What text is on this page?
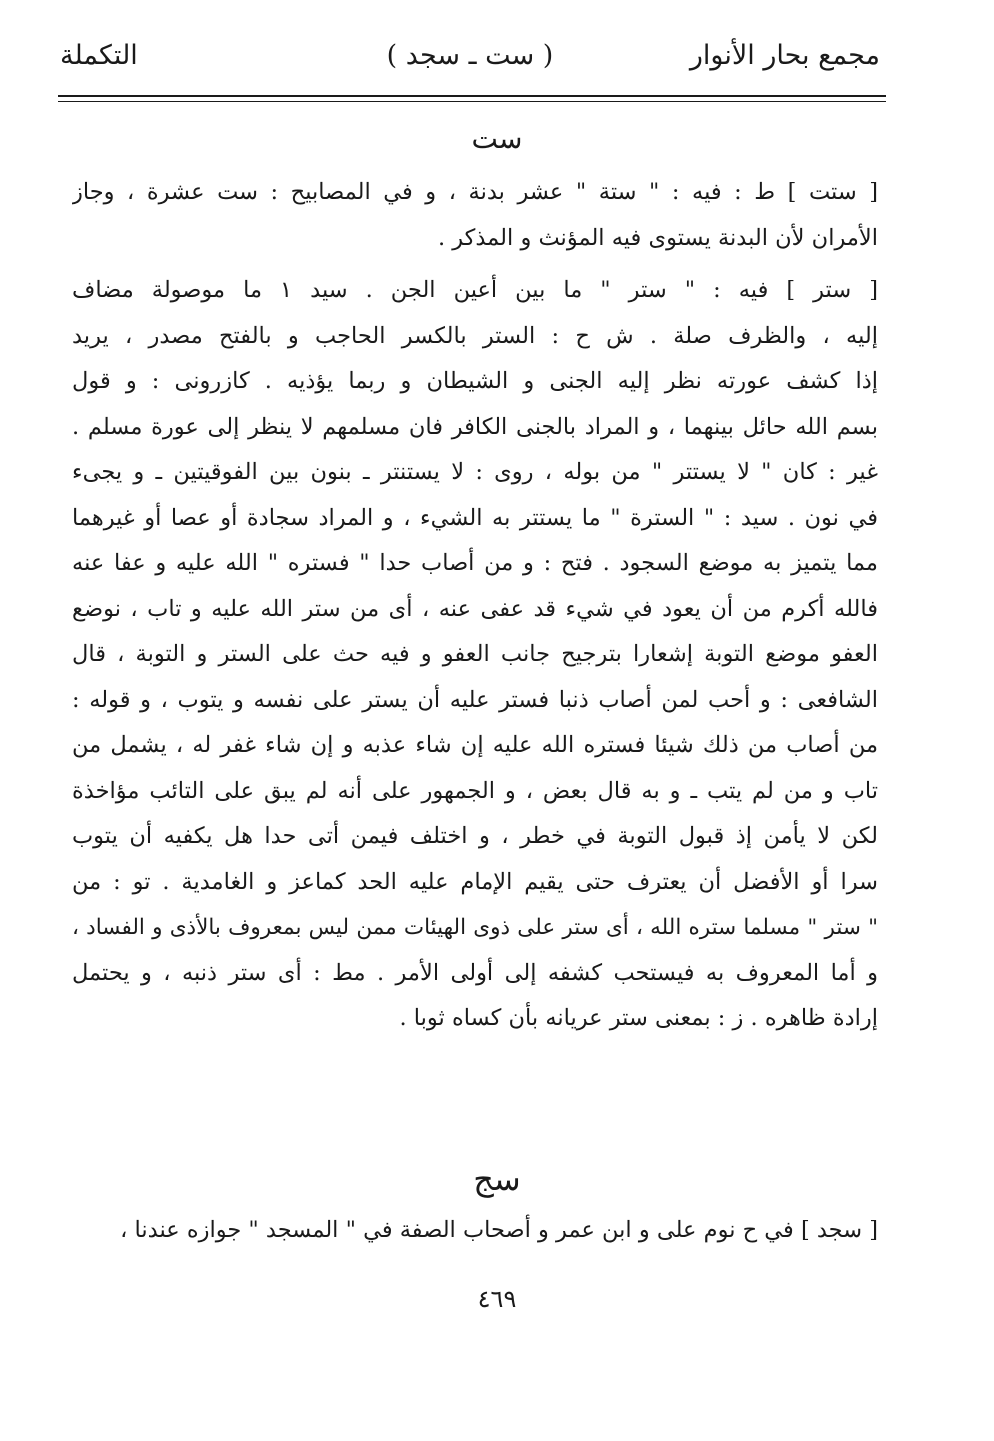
مجمع بحار الأنوار
( ست ـ سجد )
التكملة
ست
[ ستت ] ط : فيه : " ستة " عشر بدنة ، و في المصابيح : ست عشرة ، وجاز
الأمران لأن البدنة يستوى فيه المؤنث و المذكر .
[ ستر ] فيه : " ستر " ما بين أعين الجن . سيد ١ ما موصولة مضاف
إليه ، والظرف صلة . ش ح : الستر بالكسر الحاجب و بالفتح مصدر ، يريد
إذا كشف عورته نظر إليه الجنى و الشيطان و ربما يؤذيه . كازرونى : و قول
بسم الله حائل بينهما ، و المراد بالجنى الكافر فان مسلمهم لا ينظر إلى عورة مسلم .
غير : كان " لا يستتر " من بوله ، روى : لا يستنتر ـ بنون بين الفوقيتين ـ و يجىء
في نون . سيد : " السترة " ما يستتر به الشيء ، و المراد سجادة أو عصا أو غيرهما
مما يتميز به موضع السجود . فتح : و من أصاب حدا " فستره " الله عليه و عفا عنه
فالله أكرم من أن يعود في شيء قد عفى عنه ، أى من ستر الله عليه و تاب ، نوضع
العفو موضع التوبة إشعارا بترجيح جانب العفو و فيه حث على الستر و التوبة ، قال
الشافعى : و أحب لمن أصاب ذنبا فستر عليه أن يستر على نفسه و يتوب ، و قوله :
من أصاب من ذلك شيئا فستره الله عليه إن شاء عذبه و إن شاء غفر له ، يشمل من
تاب و من لم يتب ـ و به قال بعض ، و الجمهور على أنه لم يبق على التائب مؤاخذة
لكن لا يأمن إذ قبول التوبة في خطر ، و اختلف فيمن أتى حدا هل يكفيه أن يتوب
سرا أو الأفضل أن يعترف حتى يقيم الإمام عليه الحد كماعز و الغامدية . تو : من
" ستر " مسلما ستره الله ، أى ستر على ذوى الهيئات ممن ليس بمعروف بالأذى و الفساد ،
و أما المعروف به فيستحب كشفه إلى أولى الأمر . مط : أى ستر ذنبه ، و يحتمل
إرادة ظاهره . ز : بمعنى ستر عريانه بأن كساه ثوبا .
سج
[ سجد ] في ح نوم على و ابن عمر و أصحاب الصفة في " المسجد " جوازه عندنا ،
٤٦٩
